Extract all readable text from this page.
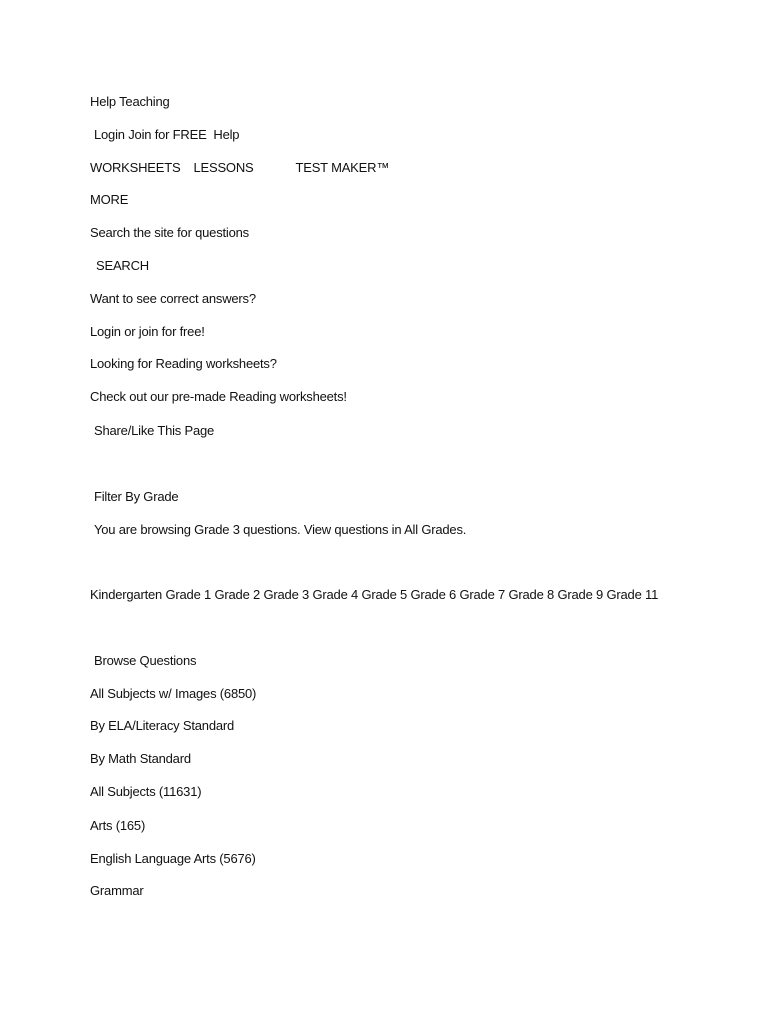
Help Teaching
Login Join for FREE Help
WORKSHEETS LESSONS	TEST MAKER™
MORE
Search the site for questions
SEARCH
Want to see correct answers?
Login or join for free!
Looking for Reading worksheets?
Check out our pre-made Reading worksheets!
Share/Like This Page
Filter By Grade
You are browsing Grade 3 questions. View questions in All Grades.
Kindergarten Grade 1 Grade 2 Grade 3 Grade 4 Grade 5 Grade 6 Grade 7 Grade 8 Grade 9 Grade 11
Browse Questions
All Subjects w/ Images (6850)
By ELA/Literacy Standard
By Math Standard
All Subjects (11631)
Arts (165)
English Language Arts (5676)
Grammar
